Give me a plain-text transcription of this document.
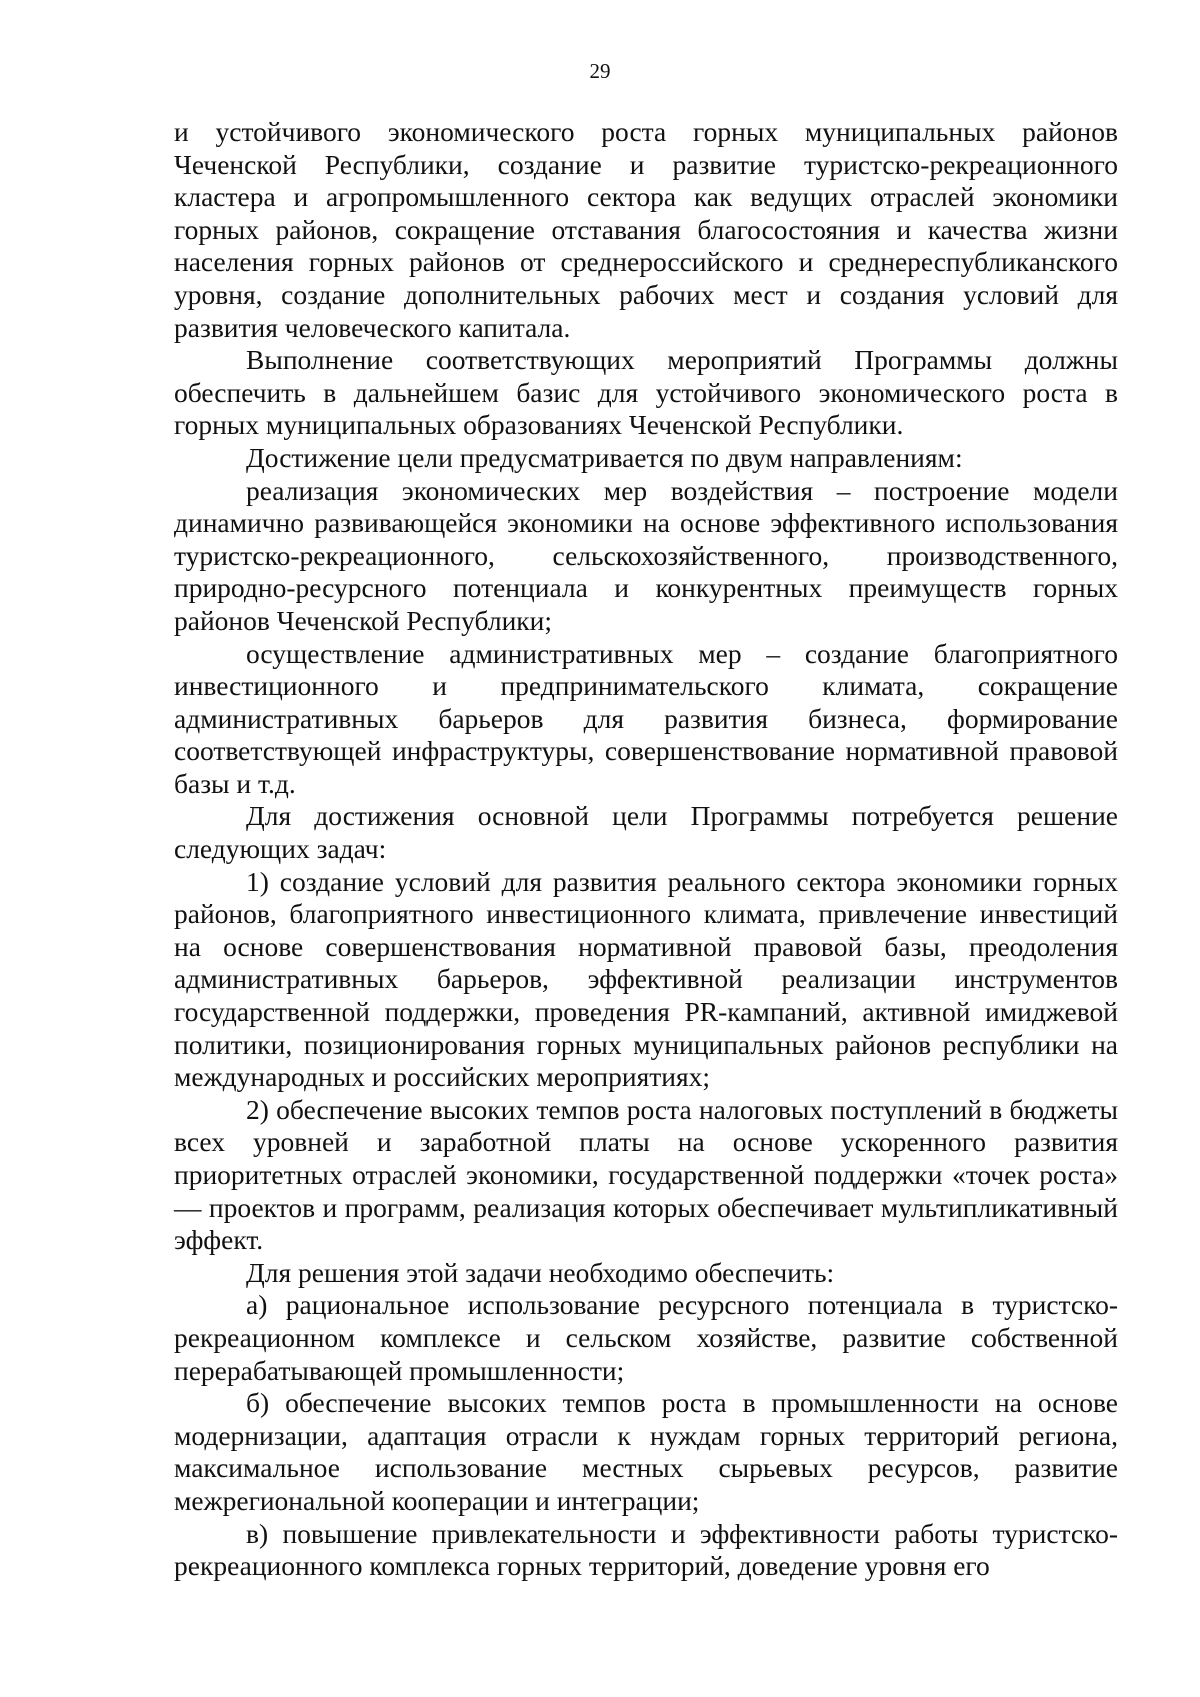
29

и устойчивого экономического роста горных муниципальных районов Чеченской Республики, создание и развитие туристско-рекреационного кластера и агропромышленного сектора как ведущих отраслей экономики горных районов, сокращение отставания благосостояния и качества жизни населения горных районов от среднероссийского и среднереспубликанского уровня, создание дополнительных рабочих мест и создания условий для развития человеческого капитала.

Выполнение соответствующих мероприятий Программы должны обеспечить в дальнейшем базис для устойчивого экономического роста в горных муниципальных образованиях Чеченской Республики.

Достижение цели предусматривается по двум направлениям:

реализация экономических мер воздействия – построение модели динамично развивающейся экономики на основе эффективного использования туристско-рекреационного, сельскохозяйственного, производственного, природно-ресурсного потенциала и конкурентных преимуществ горных районов Чеченской Республики;

осуществление административных мер – создание благоприятного инвестиционного и предпринимательского климата, сокращение административных барьеров для развития бизнеса, формирование соответствующей инфраструктуры, совершенствование нормативной правовой базы и т.д.

Для достижения основной цели Программы потребуется решение следующих задач:

1) создание условий для развития реального сектора экономики горных районов, благоприятного инвестиционного климата, привлечение инвестиций на основе совершенствования нормативной правовой базы, преодоления административных барьеров, эффективной реализации инструментов государственной поддержки, проведения PR-кампаний, активной имиджевой политики, позиционирования горных муниципальных районов республики на международных и российских мероприятиях;

2) обеспечение высоких темпов роста налоговых поступлений в бюджеты всех уровней и заработной платы на основе ускоренного развития приоритетных отраслей экономики, государственной поддержки «точек роста» — проектов и программ, реализация которых обеспечивает мультипликативный эффект.

Для решения этой задачи необходимо обеспечить:

а) рациональное использование ресурсного потенциала в туристско-рекреационном комплексе и сельском хозяйстве, развитие собственной перерабатывающей промышленности;

б) обеспечение высоких темпов роста в промышленности на основе модернизации, адаптация отрасли к нуждам горных территорий региона, максимальное использование местных сырьевых ресурсов, развитие межрегиональной кооперации и интеграции;

в) повышение привлекательности и эффективности работы туристско-рекреационного комплекса горных территорий, доведение уровня его
